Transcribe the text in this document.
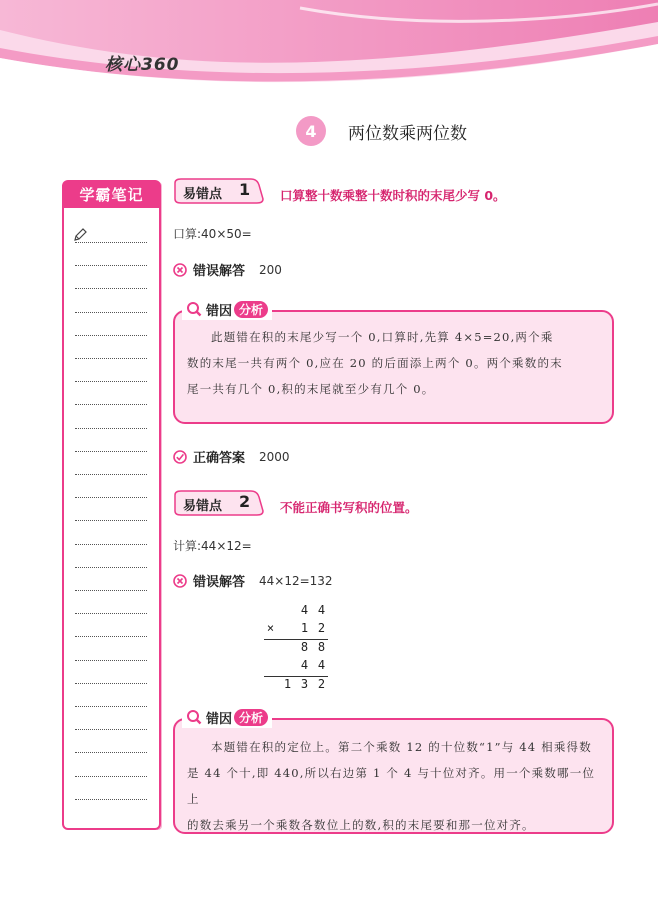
核心360
4	两位数乘两位数
学霸笔记	易错点 1 口算整十数乘整十数时积的末尾少写 0。
口算:40×50=
错误解答 200
此题错在积的末尾少写一个 0,口算时,先算 4×5=20,两个乘
数的末尾一共有两个 0,应在 20 的后面添上两个 0。两个乘数的末
尾一共有几个 0,积的末尾就至少有几个 0。
错因 分析
正确答案 2000
易错点 2 不能正确书写积的位置。
计算:44×12=
错误解答 44×12=132
4 4
×	1 2
8 8
4 4
1 3 2
本题错在积的定位上。第二个乘数 12 的十位数“1”与 44 相乘得数
是 44 个十,即 440,所以右边第 1 个 4 与十位对齐。用一个乘数哪一位上
的数去乘另一个乘数各数位上的数,积的末尾要和那一位对齐。
错因 分析
